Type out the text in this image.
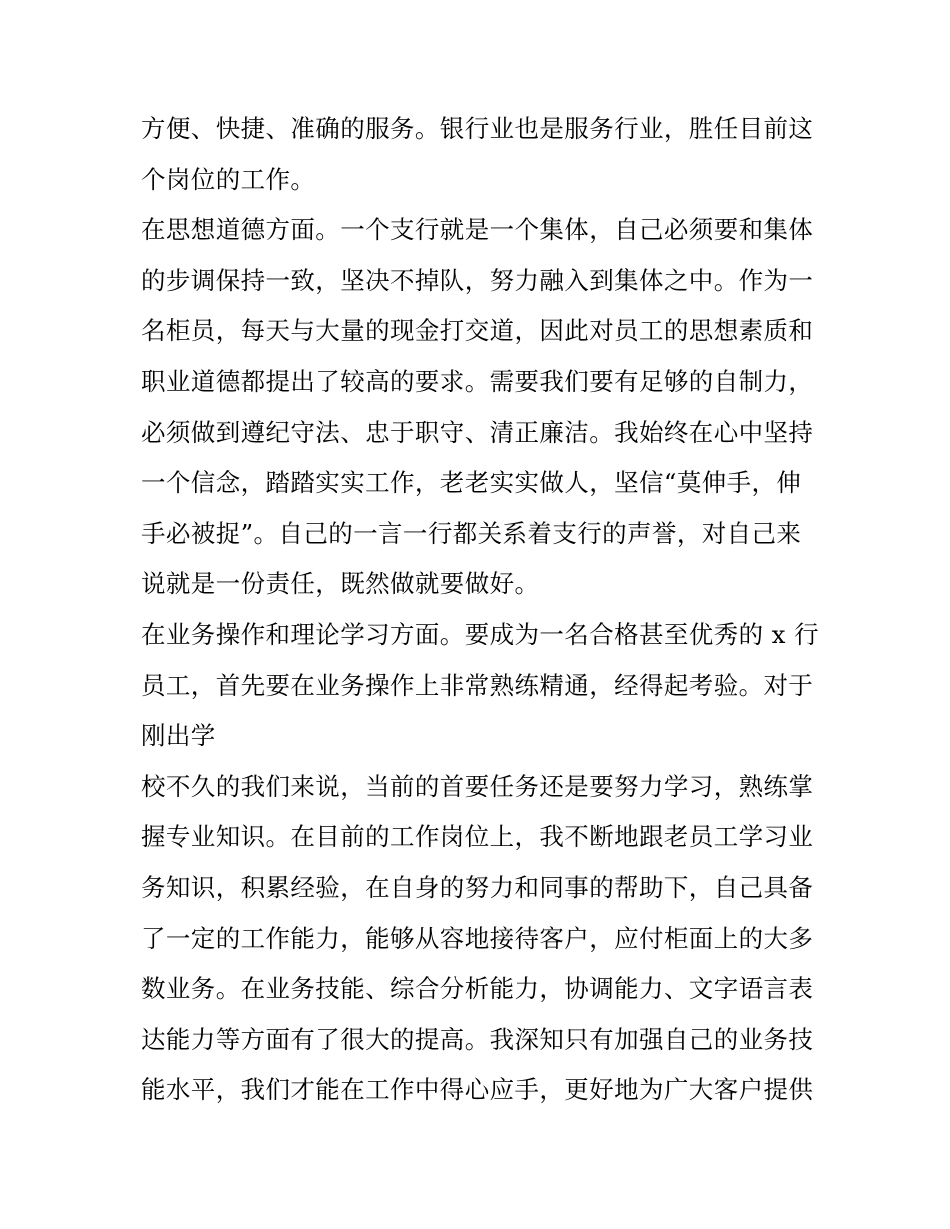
方便、快捷、准确的服务。银行业也是服务行业，胜任目前这
个岗位的工作。
在思想道德方面。一个支行就是一个集体，自己必须要和集体
的步调保持一致，坚决不掉队，努力融入到集体之中。作为一
名柜员，每天与大量的现金打交道，因此对员工的思想素质和
职业道德都提出了较高的要求。需要我们要有足够的自制力，
必须做到遵纪守法、忠于职守、清正廉洁。我始终在心中坚持
一个信念，踏踏实实工作，老老实实做人，坚信“莫伸手，伸
手必被捉”。自己的一言一行都关系着支行的声誉，对自己来
说就是一份责任，既然做就要做好。
在业务操作和理论学习方面。要成为一名合格甚至优秀的 x 行
员工，首先要在业务操作上非常熟练精通，经得起考验。对于
刚出学
校不久的我们来说，当前的首要任务还是要努力学习，熟练掌
握专业知识。在目前的工作岗位上，我不断地跟老员工学习业
务知识，积累经验，在自身的努力和同事的帮助下，自己具备
了一定的工作能力，能够从容地接待客户，应付柜面上的大多
数业务。在业务技能、综合分析能力，协调能力、文字语言表
达能力等方面有了很大的提高。我深知只有加强自己的业务技
能水平，我们才能在工作中得心应手，更好地为广大客户提供
